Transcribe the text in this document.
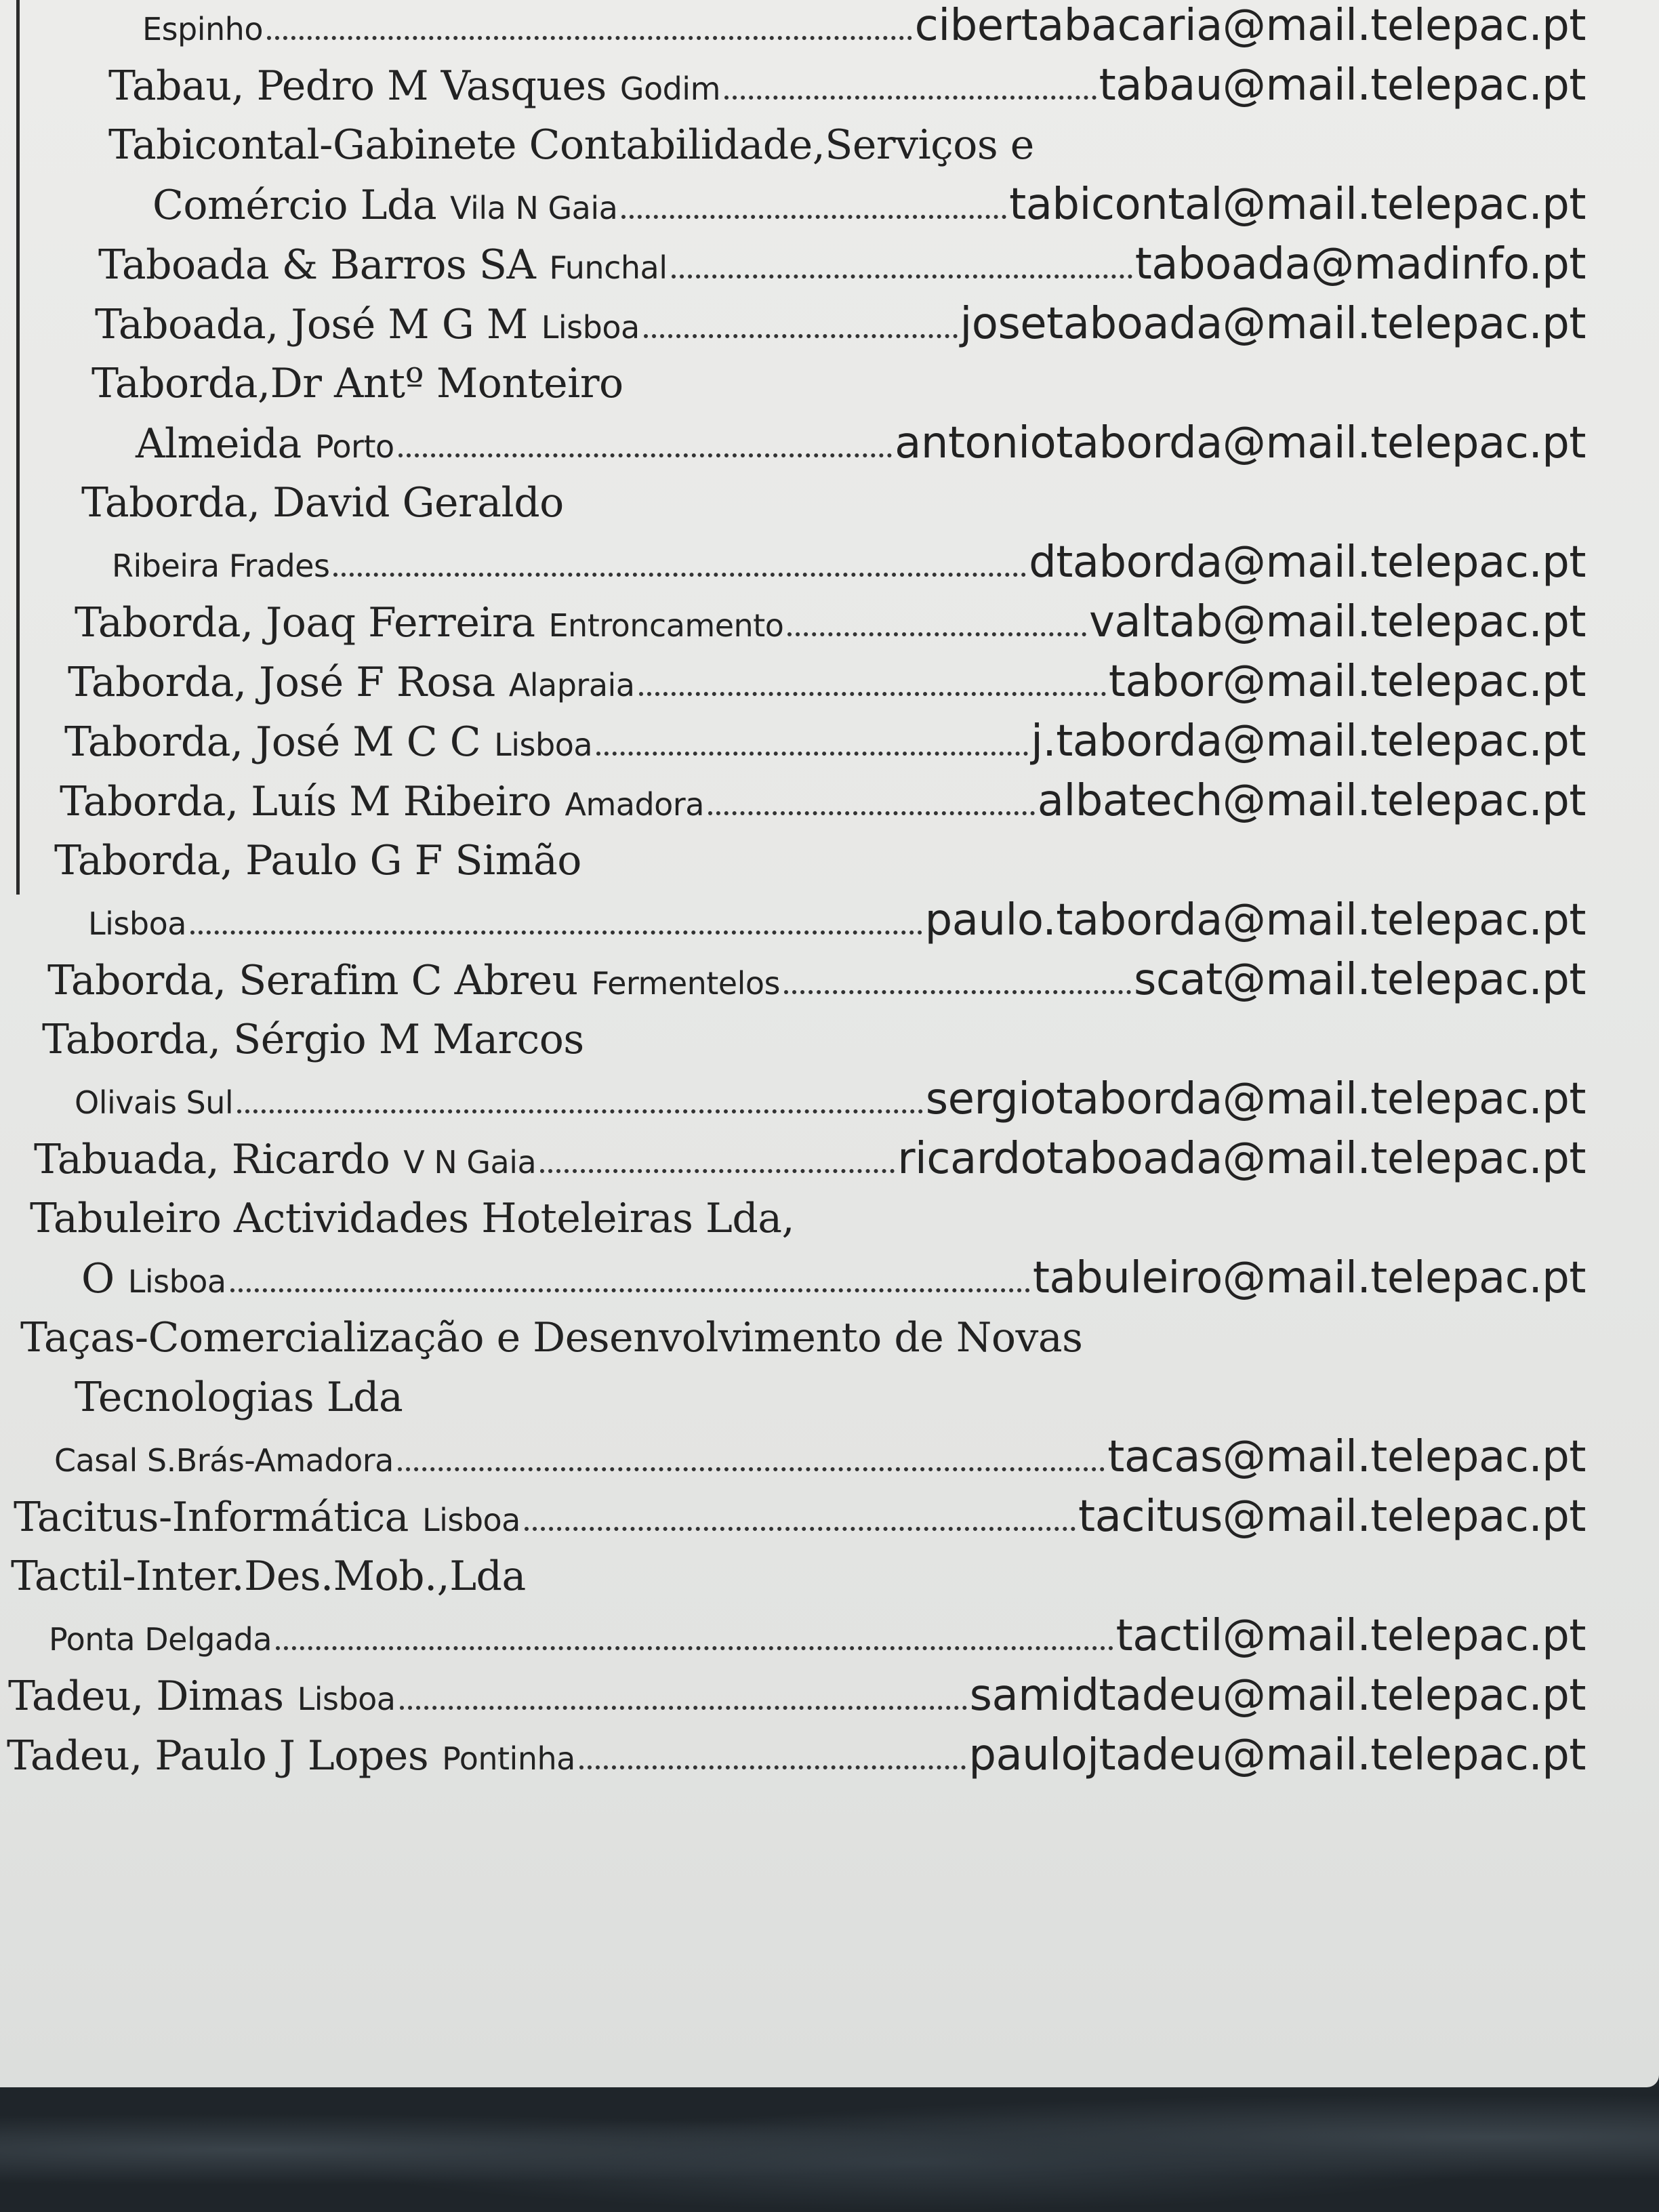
Espinho	cibertabacaria@mail.telepac.pt
Tabau, Pedro M Vasques Godim	tabau@mail.telepac.pt
Tabicontal-Gabinete Contabilidade,Serviços e
Comércio Lda Vila N Gaia	tabicontal@mail.telepac.pt
Taboada & Barros SA Funchal	taboada@madinfo.pt
Taboada, José M G M Lisboa	josetaboada@mail.telepac.pt
Taborda,Dr Antº Monteiro
Almeida Porto	antoniotaborda@mail.telepac.pt
Taborda, David Geraldo
Ribeira Frades	dtaborda@mail.telepac.pt
Taborda, Joaq Ferreira Entroncamento	valtab@mail.telepac.pt
Taborda, José F Rosa Alapraia	tabor@mail.telepac.pt
Taborda, José M C C Lisboa	j.taborda@mail.telepac.pt
Taborda, Luís M Ribeiro Amadora	albatech@mail.telepac.pt
Taborda, Paulo G F Simão
Lisboa	paulo.taborda@mail.telepac.pt
Taborda, Serafim C Abreu Fermentelos	scat@mail.telepac.pt
Taborda, Sérgio M Marcos
Olivais Sul	sergiotaborda@mail.telepac.pt
Tabuada, Ricardo V N Gaia	ricardotaboada@mail.telepac.pt
Tabuleiro Actividades Hoteleiras Lda,
O Lisboa	tabuleiro@mail.telepac.pt
Taças-Comercialização e Desenvolvimento de Novas
Tecnologias Lda
Casal S.Brás-Amadora	tacas@mail.telepac.pt
Tacitus-Informática Lisboa	tacitus@mail.telepac.pt
Tactil-Inter.Des.Mob.,Lda
Ponta Delgada	tactil@mail.telepac.pt
Tadeu, Dimas Lisboa	samidtadeu@mail.telepac.pt
Tadeu, Paulo J Lopes Pontinha	paulojtadeu@mail.telepac.pt
